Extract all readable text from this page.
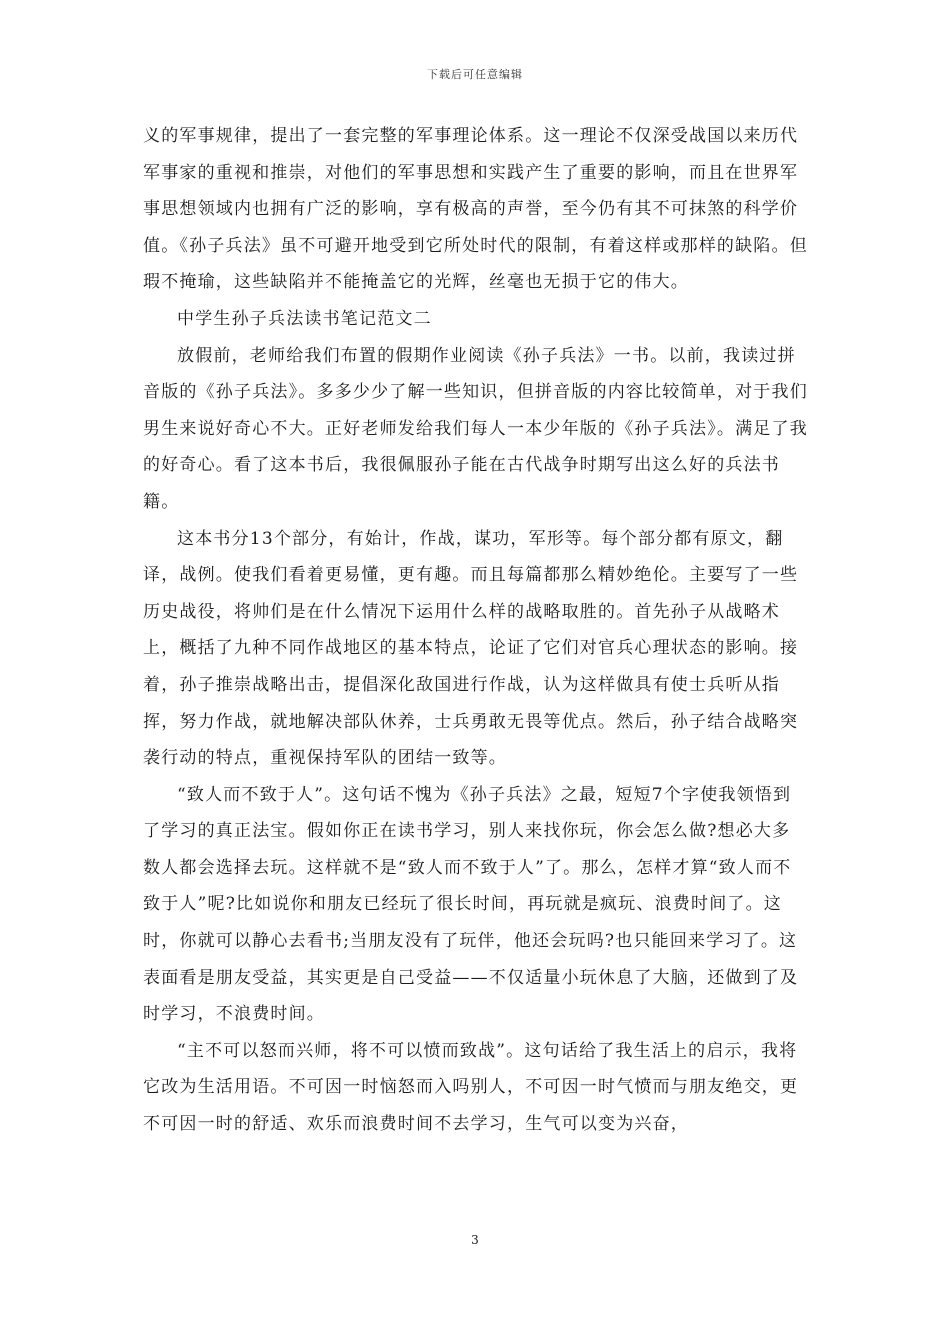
下载后可任意编辑

义的军事规律，提出了一套完整的军事理论体系。这一理论不仅深受战国以来历代军事家的重视和推崇，对他们的军事思想和实践产生了重要的影响，而且在世界军事思想领域内也拥有广泛的影响，享有极高的声誉，至今仍有其不可抹煞的科学价值。《孙子兵法》虽不可避开地受到它所处时代的限制，有着这样或那样的缺陷。但瑕不掩瑜，这些缺陷并不能掩盖它的光辉，丝毫也无损于它的伟大。

中学生孙子兵法读书笔记范文二

放假前，老师给我们布置的假期作业阅读《孙子兵法》一书。以前，我读过拼音版的《孙子兵法》。多多少少了解一些知识，但拼音版的内容比较简单，对于我们男生来说好奇心不大。正好老师发给我们每人一本少年版的《孙子兵法》。满足了我的好奇心。看了这本书后，我很佩服孙子能在古代战争时期写出这么好的兵法书籍。

这本书分13个部分，有始计，作战，谋功，军形等。每个部分都有原文，翻译，战例。使我们看着更易懂，更有趣。而且每篇都那么精妙绝伦。主要写了一些历史战役，将帅们是在什么情况下运用什么样的战略取胜的。首先孙子从战略术上，概括了九种不同作战地区的基本特点，论证了它们对官兵心理状态的影响。接着，孙子推崇战略出击，提倡深化敌国进行作战，认为这样做具有使士兵听从指挥，努力作战，就地解决部队休养，士兵勇敢无畏等优点。然后，孙子结合战略突袭行动的特点，重视保持军队的团结一致等。

“致人而不致于人”。这句话不愧为《孙子兵法》之最，短短7个字使我领悟到了学习的真正法宝。假如你正在读书学习，别人来找你玩，你会怎么做?想必大多数人都会选择去玩。这样就不是“致人而不致于人”了。那么，怎样才算“致人而不致于人”呢?比如说你和朋友已经玩了很长时间，再玩就是疯玩、浪费时间了。这时，你就可以静心去看书;当朋友没有了玩伴，他还会玩吗?也只能回来学习了。这表面看是朋友受益，其实更是自己受益——不仅适量小玩休息了大脑，还做到了及时学习，不浪费时间。

“主不可以怒而兴师，将不可以愤而致战”。这句话给了我生活上的启示，我将它改为生活用语。不可因一时恼怒而入吗别人，不可因一时气愤而与朋友绝交，更不可因一时的舒适、欢乐而浪费时间不去学习，生气可以变为兴奋，

3
